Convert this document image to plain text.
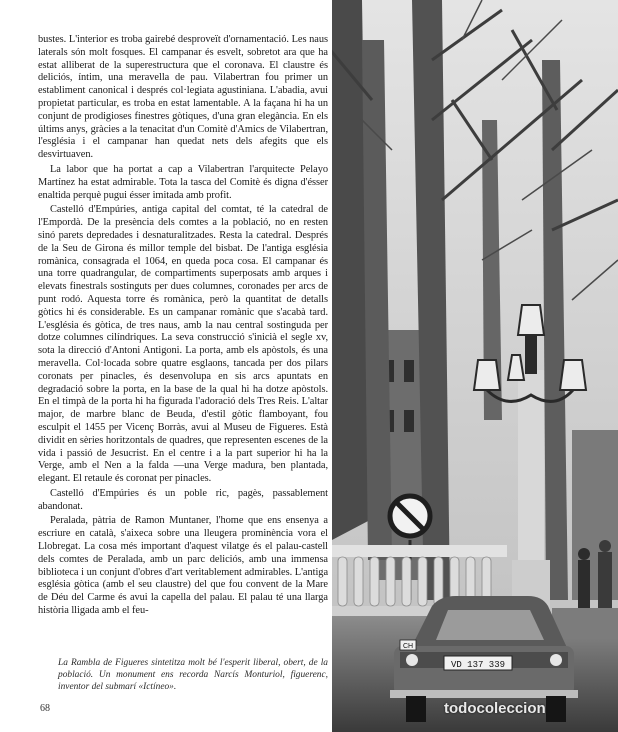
bustes. L'interior es troba gairebé desproveït d'ornamentació. Les naus laterals són molt fosques. El campanar és esvelt, sobretot ara que ha estat alliberat de la superestructura que el coronava. El claustre és deliciós, íntim, una meravella de pau. Vilabertran fou primer un establiment canonical i després col·legiata agustiniana. L'abadia, avui propietat particular, es troba en estat lamentable. A la façana hi ha un conjunt de prodigioses finestres gòtiques, d'una gran elegància. En els últims anys, gràcies a la tenacitat d'un Comitè d'Amics de Vilabertran, l'església i el campanar han quedat nets dels afegits que els desvirtuaven.

La labor que ha portat a cap a Vilabertran l'arquitecte Pelayo Martínez ha estat admirable. Tota la tasca del Comitè és digna d'ésser enaltida perquè pugui ésser imitada amb profit.

Castelló d'Empúries, antiga capital del comtat, té la catedral de l'Empordà. De la presència dels comtes a la població, no en resten sinó parets depredades i desnaturalitzades. Resta la catedral. Després de la Seu de Girona és millor temple del bisbat. De l'antiga església romànica, consagrada el 1064, en queda poca cosa. El campanar és una torre quadrangular, de compartiments superposats amb arques i elevats finestrals sostinguts per dues columnes, coronades per arcs de punt rodó. Aquesta torre és romànica, però la quantitat de detalls gòtics hi és considerable. Es un campanar romànic que s'acabà tard. L'església és gòtica, de tres naus, amb la nau central sostinguda per dotze columnes cilíndriques. La seva construcció s'inicià el segle xv, sota la direcció d'Antoni Antigoni. La porta, amb els apòstols, és una meravella. Col·locada sobre quatre esglaons, tancada per dos pilars coronats per pinacles, és desenvolupa en sis arcs apuntats en degradació sobre la porta, en la base de la qual hi ha dotze apòstols. En el timpà de la porta hi ha figurada l'adoració dels Tres Reis. L'altar major, de marbre blanc de Beuda, d'estil gòtic flamboyant, fou esculpit el 1455 per Vicenç Borràs, avui al Museu de Figueres. Està dividit en sèries horitzontals de quadres, que representen escenes de la vida i passió de Jesucrist. En el centre i a la part superior hi ha la Verge, amb el Nen a la falda —una Verge madura, ben plantada, elegant. El retaule és coronat per pinacles.

Castelló d'Empúries és un poble ric, pagès, passablement abandonat.

Peralada, pàtria de Ramon Muntaner, l'home que ens ensenya a escriure en català, s'aixeca sobre una lleugera prominència vora el Llobregat. La cosa més important d'aquest vilatge és el palau-castell dels comtes de Peralada, amb un parc deliciós, amb una immensa biblioteca i un conjunt d'obres d'art veritablement admirables. L'antiga església gòtica (amb el seu claustre) del que fou convent de la Mare de Déu del Carme és avui la capella del palau. El palau té una llarga història lligada amb el feu-

La Rambla de Figueres sintetitza molt bé l'esperit liberal, obert, de la població. Un monument ens recorda Narcís Monturiol, figuerenc, inventor del submarí «Ictíneo».

68
VD 137 339
CH
todocoleccion
